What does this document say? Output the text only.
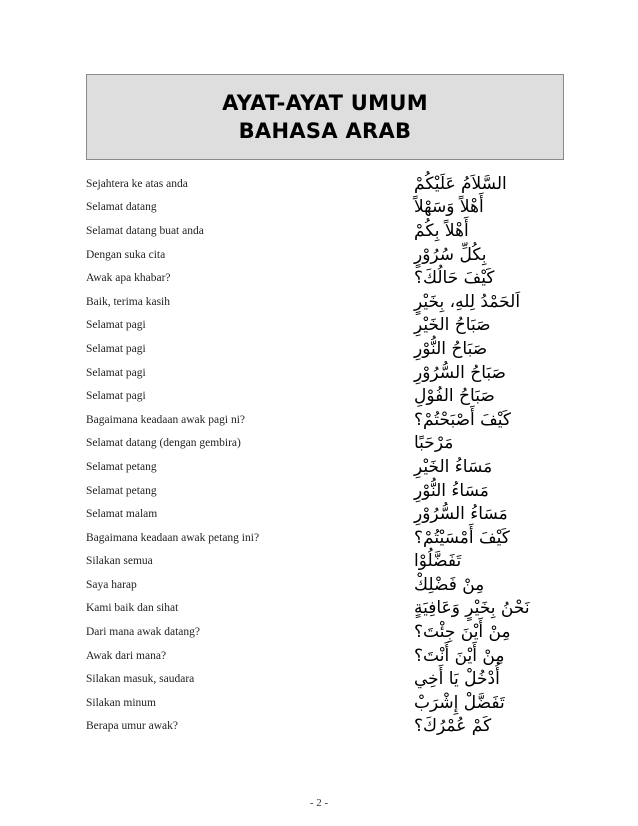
AYAT-AYAT UMUM
BAHASA ARAB
Sejahtera ke atas anda	السَّلاَمُ عَلَيْكُمْ
Selamat datang	أَهْلاً وَسَهْلاً
Selamat datang buat anda	أَهْلاً بِكُمْ
Dengan suka cita	بِكُلِّ سُرُوْرٍ
Awak apa khabar?	كَيْفَ حَالُكَ؟
Baik, terima kasih	اَلحَمْدُ لِلهِ، بِخَيْرٍ
Selamat pagi	صَبَاحُ الخَيْرِ
Selamat pagi	صَبَاحُ النُّوْرِ
Selamat pagi	صَبَاحُ السُّرُوْرِ
Selamat pagi	صَبَاحُ الفُوْلِ
Bagaimana keadaan awak pagi ni?	كَيْفَ أَصْبَحْتُمْ؟
Selamat datang (dengan gembira)	مَرْحَبًا
Selamat petang	مَسَاءُ الخَيْرِ
Selamat petang	مَسَاءُ النُّوْرِ
Selamat malam	مَسَاءُ السُّرُوْرِ
Bagaimana keadaan awak petang ini?	كَيْفَ أَمْسَيْتُمْ؟
Silakan semua	تَفَضَّلُوْا
Saya harap	مِنْ فَضْلِكْ
Kami baik dan sihat	نَحْنُ بِخَيْرٍ وَعَافِيَةٍ
Dari mana awak datang?	مِنْ أَيْنَ جِئْتَ؟
Awak dari mana?	مِنْ أَيْنَ أَنْتَ؟
Silakan masuk, saudara	أُدْخُلْ يَا أَخِي
Silakan minum	تَفَضَّلْ إِشْرَبْ
Berapa umur awak?	كَمْ عُمْرُكَ؟
- 2 -
